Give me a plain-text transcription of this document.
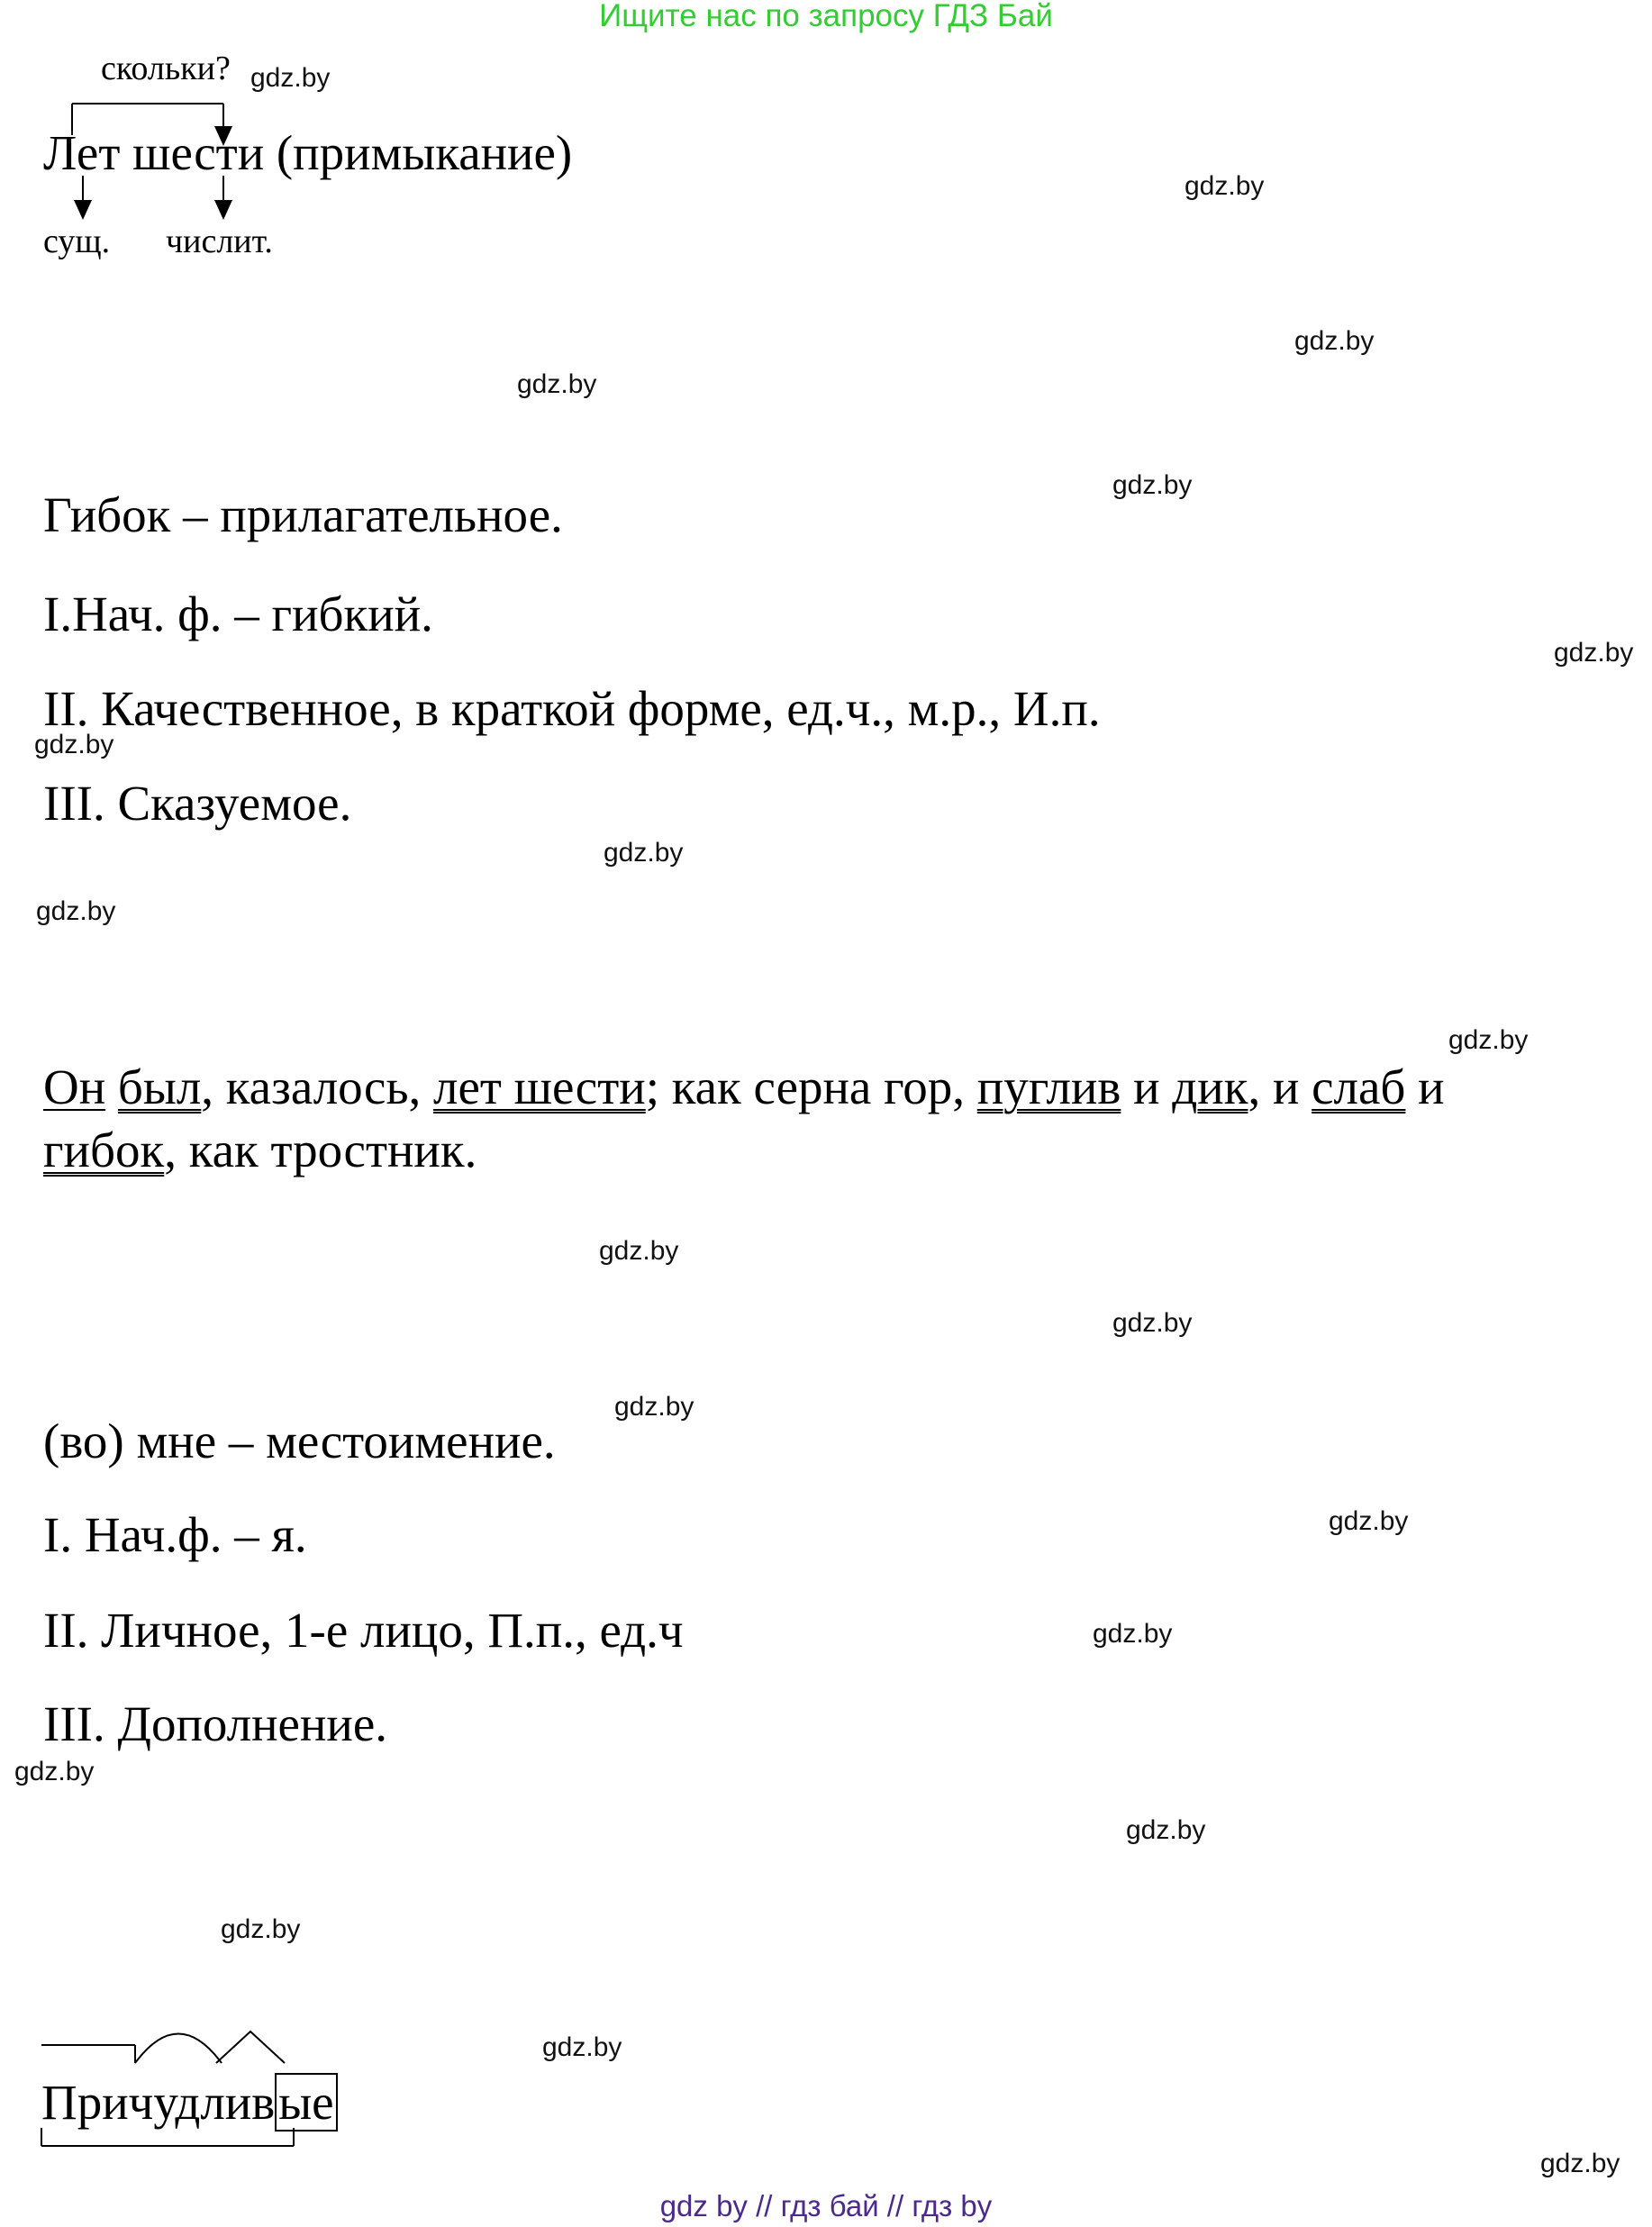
Ищите нас по запросу ГДЗ Бай
скольки?
Лет шести (примыкание)
сущ. числит.
Гибок – прилагательное.
I.Нач. ф. – гибкий.
II. Качественное, в краткой форме, ед.ч., м.р., И.п.
III. Сказуемое.
Он был, казалось, лет шести; как серна гор, пуглив и дик, и слаб и
гибок, как тростник.
(во) мне – местоимение.
I. Нач.ф. – я.
II. Личное, 1-е лицо, П.п., ед.ч
III. Дополнение.
Причудливые
gdz.by
gdz.by
gdz.by
gdz.by
gdz.by
gdz.by
gdz.by
gdz.by
gdz.by
gdz.by
gdz.by
gdz.by
gdz.by
gdz.by
gdz.by
gdz.by
gdz.by
gdz.by
gdz.by
gdz.by
gdz by // гдз бай // гдз by
